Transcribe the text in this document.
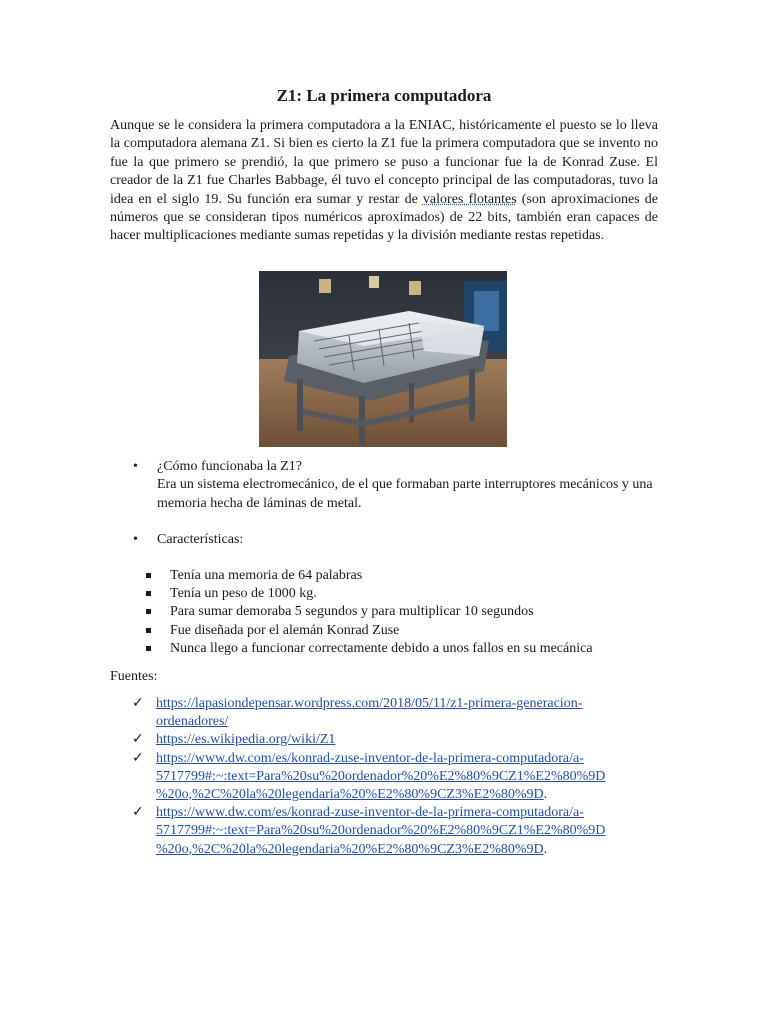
Z1: La primera computadora

Aunque se le considera la primera computadora a la ENIAC, históricamente el puesto se lo lleva la computadora alemana Z1. Si bien es cierto la Z1 fue la primera computadora que se invento no fue la que primero se prendió, la que primero se puso a funcionar fue la de Konrad Zuse. El creador de la Z1 fue Charles Babbage, él tuvo el concepto principal de las computadoras, tuvo la idea en el siglo 19. Su función era sumar y restar de valores flotantes (son aproximaciones de números que se consideran tipos numéricos aproximados) de 22 bits, también eran capaces de hacer multiplicaciones mediante sumas repetidas y la división mediante restas repetidas.

• ¿Cómo funcionaba la Z1?
Era un sistema electromecánico, de el que formaban parte interruptores mecánicos y una memoria hecha de láminas de metal.
• Características:
Tenía una memoria de 64 palabras
Tenía un peso de 1000 kg.
Para sumar demoraba 5 segundos y para multiplicar 10 segundos
Fue diseñada por el alemán Konrad Zuse
Nunca llego a funcionar correctamente debido a unos fallos en su mecánica

Fuentes:

✓ https://lapasiondepensar.wordpress.com/2018/05/11/z1-primera-generacion-
ordenadores/
✓ https://es.wikipedia.org/wiki/Z1
✓ https://www.dw.com/es/konrad-zuse-inventor-de-la-primera-computadora/a-
5717799#:~:text=Para%20su%20ordenador%20%E2%80%9CZ1%E2%80%9D
%20o,%2C%20la%20legendaria%20%E2%80%9CZ3%E2%80%9D.
✓ https://www.dw.com/es/konrad-zuse-inventor-de-la-primera-computadora/a-
5717799#:~:text=Para%20su%20ordenador%20%E2%80%9CZ1%E2%80%9D
%20o,%2C%20la%20legendaria%20%E2%80%9CZ3%E2%80%9D.
